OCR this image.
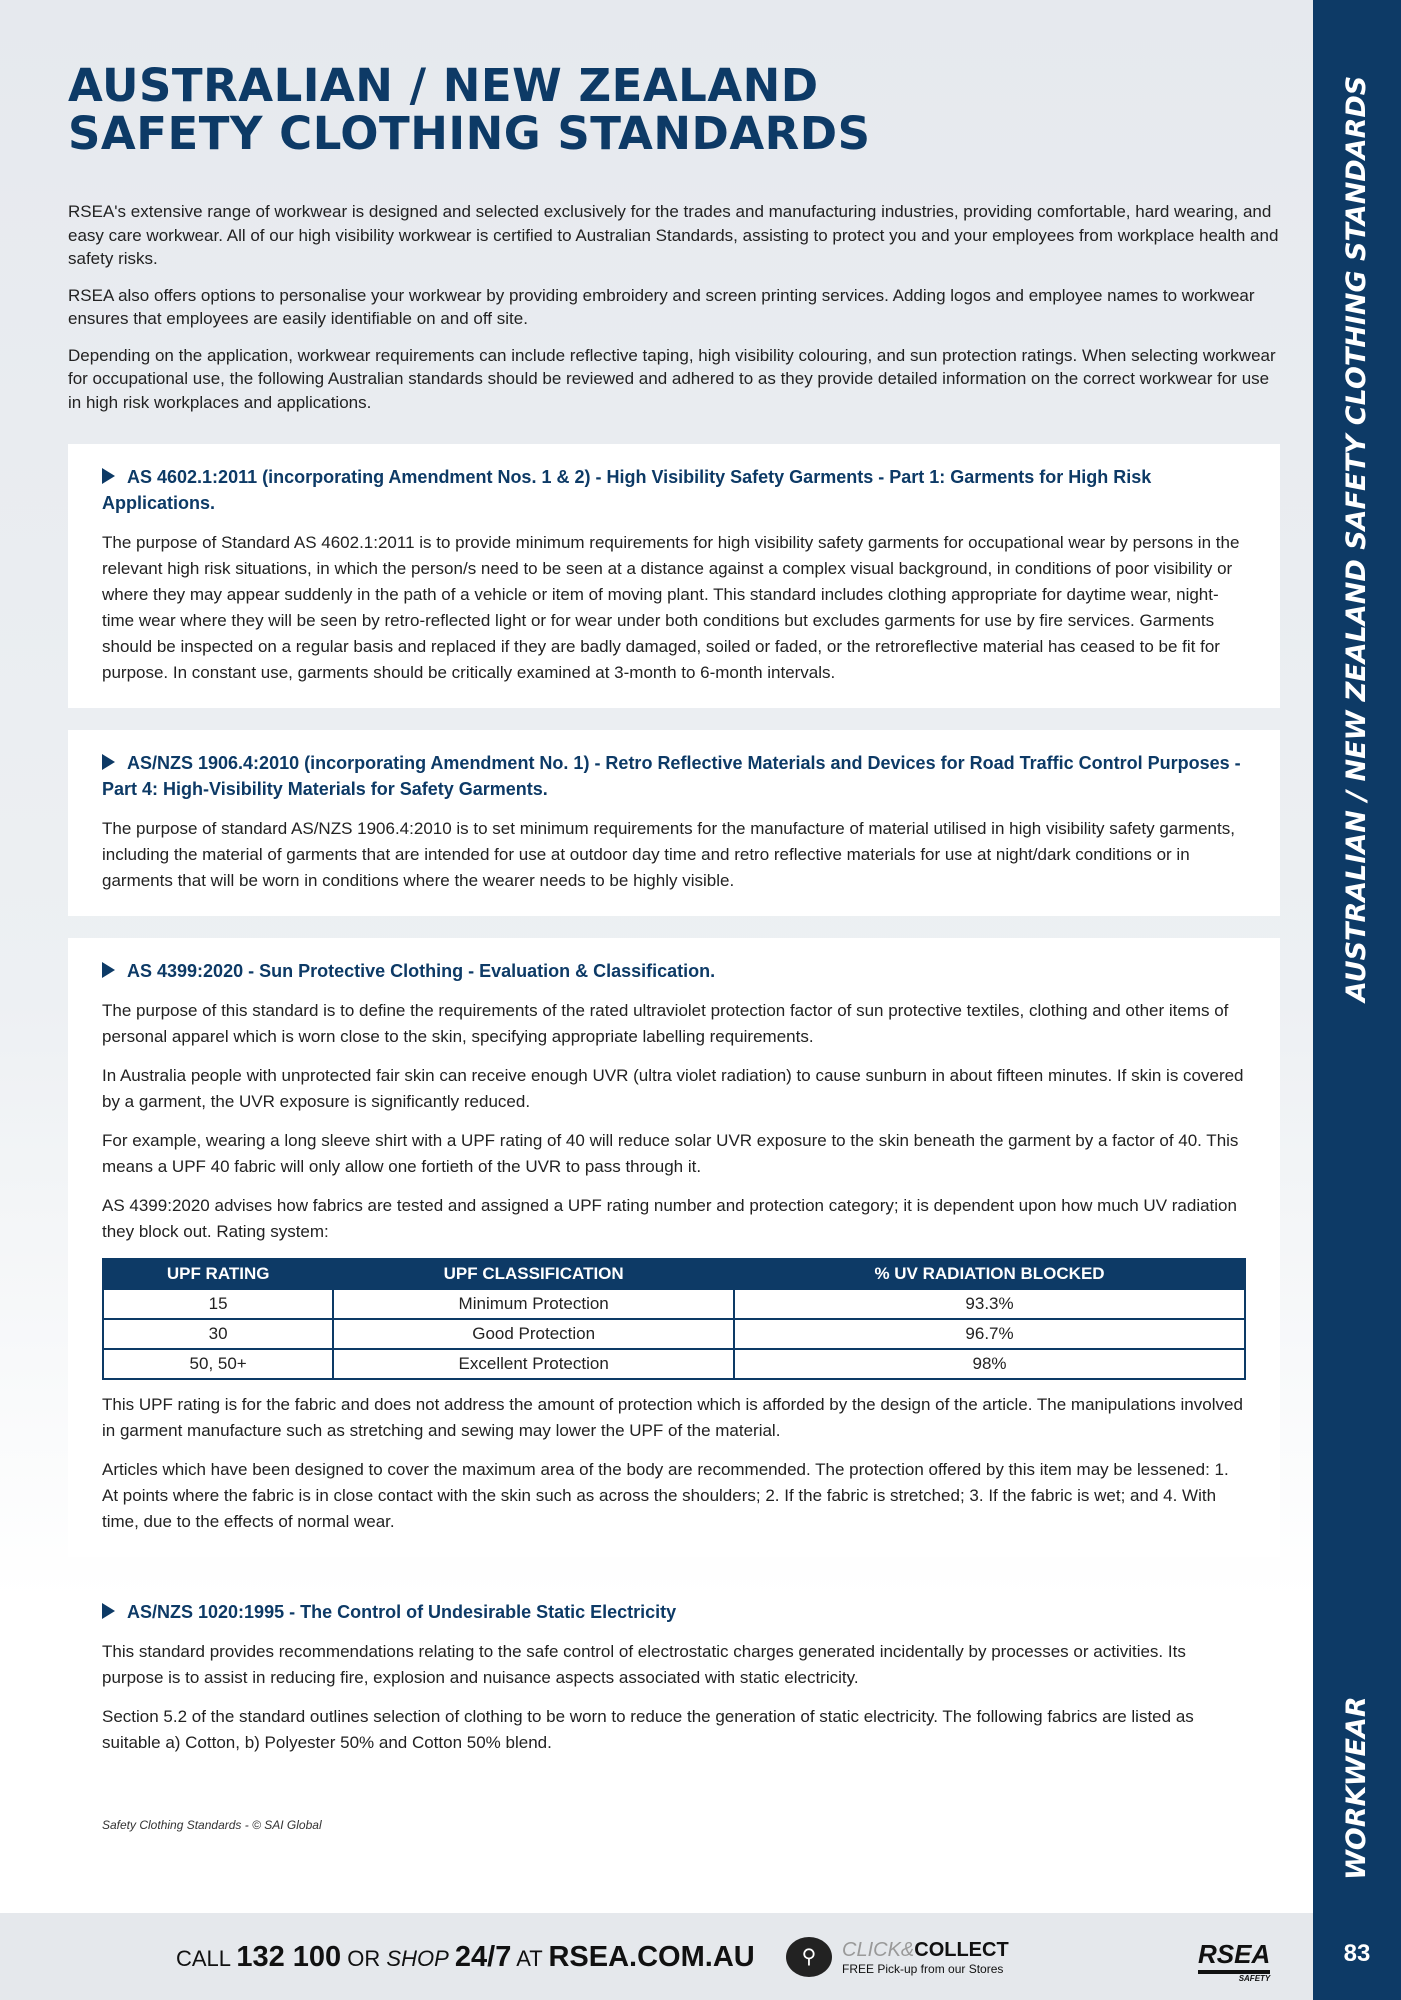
AUSTRALIAN / NEW ZEALAND
SAFETY CLOTHING STANDARDS

RSEA's extensive range of workwear is designed and selected exclusively for the trades and manufacturing industries, providing comfortable, hard wearing, and easy care workwear. All of our high visibility workwear is certified to Australian Standards, assisting to protect you and your employees from workplace health and safety risks.

RSEA also offers options to personalise your workwear by providing embroidery and screen printing services. Adding logos and employee names to workwear ensures that employees are easily identifiable on and off site.

Depending on the application, workwear requirements can include reflective taping, high visibility colouring, and sun protection ratings. When selecting workwear for occupational use, the following Australian standards should be reviewed and adhered to as they provide detailed information on the correct workwear for use in high risk workplaces and applications.

AS 4602.1:2011 (incorporating Amendment Nos. 1 & 2) - High Visibility Safety Garments - Part 1: Garments for High Risk Applications.

The purpose of Standard AS 4602.1:2011 is to provide minimum requirements for high visibility safety garments for occupational wear by persons in the relevant high risk situations, in which the person/s need to be seen at a distance against a complex visual background, in conditions of poor visibility or where they may appear suddenly in the path of a vehicle or item of moving plant. This standard includes clothing appropriate for daytime wear, night-time wear where they will be seen by retro-reflected light or for wear under both conditions but excludes garments for use by fire services. Garments should be inspected on a regular basis and replaced if they are badly damaged, soiled or faded, or the retroreflective material has ceased to be fit for purpose. In constant use, garments should be critically examined at 3-month to 6-month intervals.

AS/NZS 1906.4:2010 (incorporating Amendment No. 1) - Retro Reflective Materials and Devices for Road Traffic Control Purposes - Part 4: High-Visibility Materials for Safety Garments.

The purpose of standard AS/NZS 1906.4:2010 is to set minimum requirements for the manufacture of material utilised in high visibility safety garments, including the material of garments that are intended for use at outdoor day time and retro reflective materials for use at night/dark conditions or in garments that will be worn in conditions where the wearer needs to be highly visible.

AS 4399:2020 - Sun Protective Clothing - Evaluation & Classification.

The purpose of this standard is to define the requirements of the rated ultraviolet protection factor of sun protective textiles, clothing and other items of personal apparel which is worn close to the skin, specifying appropriate labelling requirements.

In Australia people with unprotected fair skin can receive enough UVR (ultra violet radiation) to cause sunburn in about fifteen minutes. If skin is covered by a garment, the UVR exposure is significantly reduced.

For example, wearing a long sleeve shirt with a UPF rating of 40 will reduce solar UVR exposure to the skin beneath the garment by a factor of 40. This means a UPF 40 fabric will only allow one fortieth of the UVR to pass through it.

AS 4399:2020 advises how fabrics are tested and assigned a UPF rating number and protection category; it is dependent upon how much UV radiation they block out. Rating system:

UPF RATING	UPF CLASSIFICATION	% UV RADIATION BLOCKED
15	Minimum Protection	93.3%
30	Good Protection	96.7%
50, 50+	Excellent Protection	98%

This UPF rating is for the fabric and does not address the amount of protection which is afforded by the design of the article. The manipulations involved in garment manufacture such as stretching and sewing may lower the UPF of the material.

Articles which have been designed to cover the maximum area of the body are recommended. The protection offered by this item may be lessened: 1. At points where the fabric is in close contact with the skin such as across the shoulders; 2. If the fabric is stretched; 3. If the fabric is wet; and 4. With time, due to the effects of normal wear.

AS/NZS 1020:1995 - The Control of Undesirable Static Electricity

This standard provides recommendations relating to the safe control of electrostatic charges generated incidentally by processes or activities. Its purpose is to assist in reducing fire, explosion and nuisance aspects associated with static electricity.

Section 5.2 of the standard outlines selection of clothing to be worn to reduce the generation of static electricity. The following fabrics are listed as suitable a) Cotton, b) Polyester 50% and Cotton 50% blend.

Safety Clothing Standards - © SAI Global
AUSTRALIAN / NEW ZEALAND SAFETY CLOTHING STANDARDS
WORKWEAR
83
CALL 132 100 OR SHOP 24/7 AT RSEA.COM.AU	⚲	CLICK&COLLECT
FREE Pick-up from our Stores	RSEA
SAFETY
